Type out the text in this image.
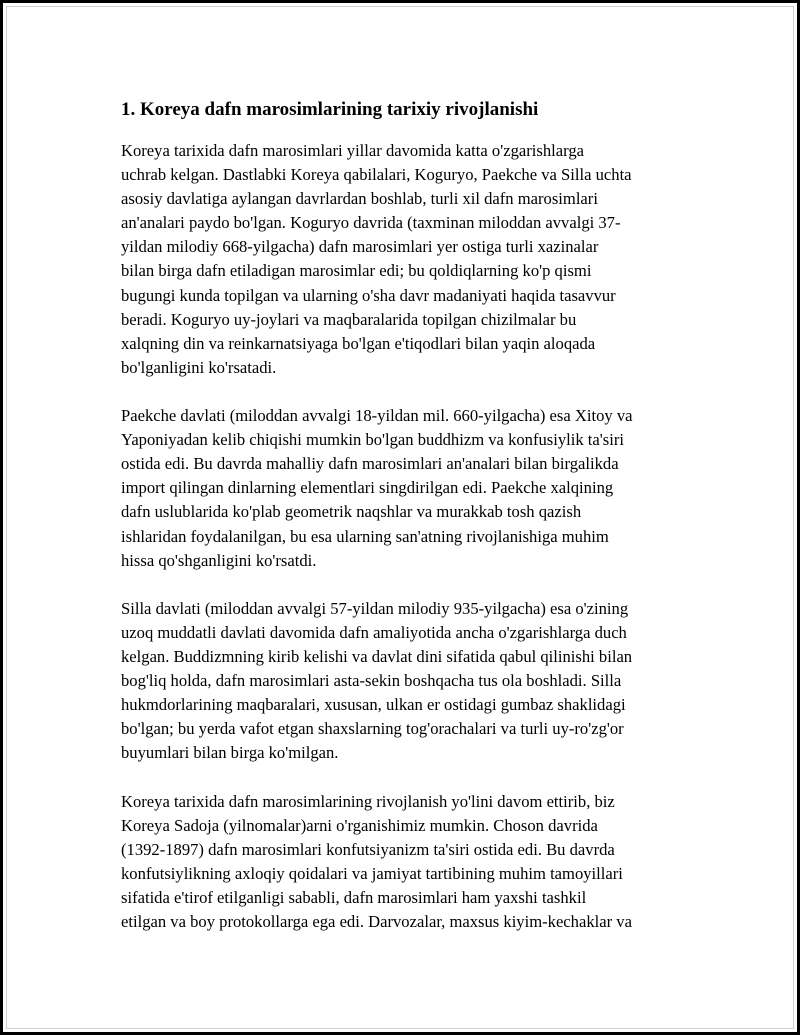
1. Koreya dafn marosimlarining tarixiy rivojlanishi

Koreya tarixida dafn marosimlari yillar davomida katta o'zgarishlarga
uchrab kelgan. Dastlabki Koreya qabilalari, Koguryo, Paekche va Silla uchta
asosiy davlatiga aylangan davrlardan boshlab, turli xil dafn marosimlari
an'analari paydo bo'lgan. Koguryo davrida (taxminan miloddan avvalgi 37-
yildan milodiy 668-yilgacha) dafn marosimlari yer ostiga turli xazinalar
bilan birga dafn etiladigan marosimlar edi; bu qoldiqlarning ko'p qismi
bugungi kunda topilgan va ularning o'sha davr madaniyati haqida tasavvur
beradi. Koguryo uy-joylari va maqbaralarida topilgan chizilmalar bu
xalqning din va reinkarnatsiyaga bo'lgan e'tiqodlari bilan yaqin aloqada
bo'lganligini ko'rsatadi.

Paekche davlati (miloddan avvalgi 18-yildan mil. 660-yilgacha) esa Xitoy va
Yaponiyadan kelib chiqishi mumkin bo'lgan buddhizm va konfusiylik ta'siri
ostida edi. Bu davrda mahalliy dafn marosimlari an'analari bilan birgalikda
import qilingan dinlarning elementlari singdirilgan edi. Paekche xalqining
dafn uslublarida ko'plab geometrik naqshlar va murakkab tosh qazish
ishlaridan foydalanilgan, bu esa ularning san'atning rivojlanishiga muhim
hissa qo'shganligini ko'rsatdi.

Silla davlati (miloddan avvalgi 57-yildan milodiy 935-yilgacha) esa o'zining
uzoq muddatli davlati davomida dafn amaliyotida ancha o'zgarishlarga duch
kelgan. Buddizmning kirib kelishi va davlat dini sifatida qabul qilinishi bilan
bog'liq holda, dafn marosimlari asta-sekin boshqacha tus ola boshladi. Silla
hukmdorlarining maqbaralari, xususan, ulkan er ostidagi gumbaz shaklidagi
bo'lgan; bu yerda vafot etgan shaxslarning tog'orachalari va turli uy-ro'zg'or
buyumlari bilan birga ko'milgan.

Koreya tarixida dafn marosimlarining rivojlanish yo'lini davom ettirib, biz
Koreya Sadoja (yilnomalar)arni o'rganishimiz mumkin. Choson davrida
(1392-1897) dafn marosimlari konfutsiyanizm ta'siri ostida edi. Bu davrda
konfutsiylikning axloqiy qoidalari va jamiyat tartibining muhim tamoyillari
sifatida e'tirof etilganligi sababli, dafn marosimlari ham yaxshi tashkil
etilgan va boy protokollarga ega edi. Darvozalar, maxsus kiyim-kechaklar va
